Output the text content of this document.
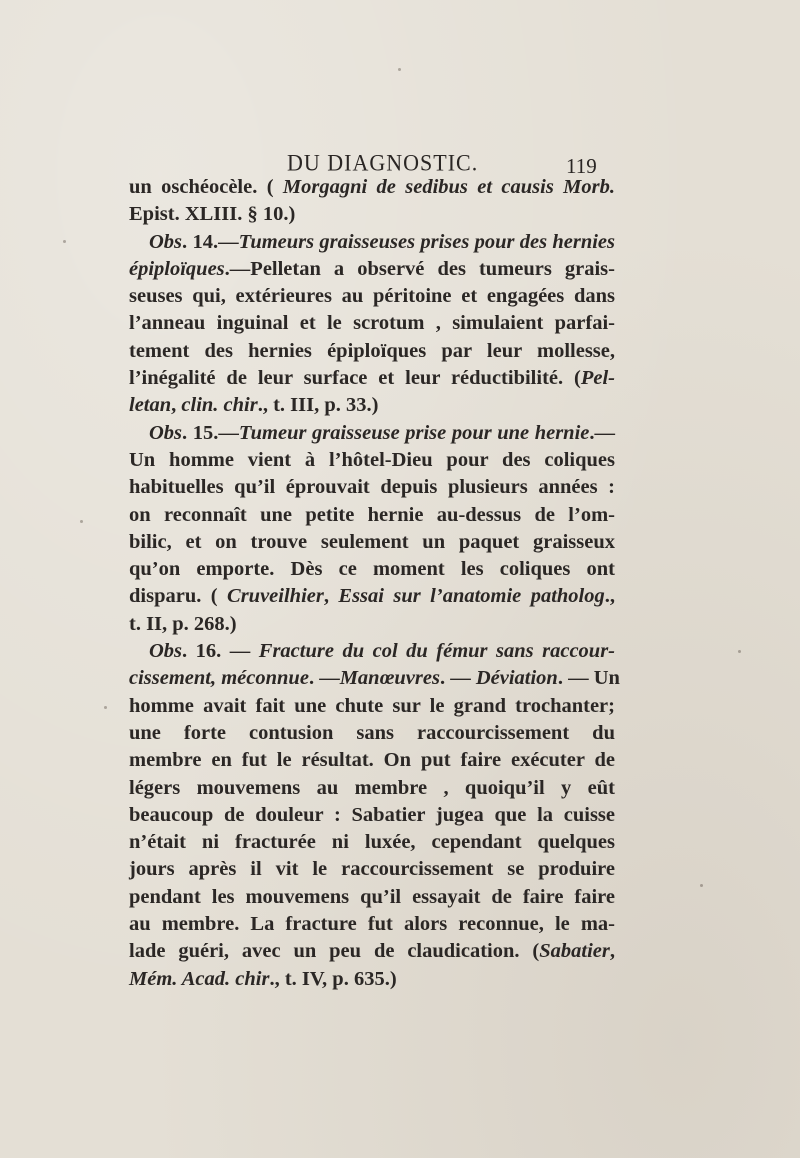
DU DIAGNOSTIC.	119
un oschéocèle. ( Morgagni de sedibus et causis Morb.
Epist. XLIII. § 10.)
Obs. 14.—Tumeurs graisseuses prises pour des hernies
épiploïques.—Pelletan a observé des tumeurs grais-
seuses qui, extérieures au péritoine et engagées dans
l’anneau inguinal et le scrotum , simulaient parfai-
tement des hernies épiploïques par leur mollesse,
l’inégalité de leur surface et leur réductibilité. (Pel-
letan, clin. chir., t. III, p. 33.)
Obs. 15.—Tumeur graisseuse prise pour une hernie.—
Un homme vient à l’hôtel-Dieu pour des coliques
habituelles qu’il éprouvait depuis plusieurs années :
on reconnaît une petite hernie au-dessus de l’om-
bilic, et on trouve seulement un paquet graisseux
qu’on emporte. Dès ce moment les coliques ont
disparu. ( Cruveilhier, Essai sur l’anatomie patholog.,
t. II, p. 268.)
Obs. 16. — Fracture du col du fémur sans raccour-
cissement, méconnue. —Manœuvres. — Déviation. — Un
homme avait fait une chute sur le grand trochanter;
une forte contusion sans raccourcissement du
membre en fut le résultat. On put faire exécuter de
légers mouvemens au membre , quoiqu’il y eût
beaucoup de douleur : Sabatier jugea que la cuisse
n’était ni fracturée ni luxée, cependant quelques
jours après il vit le raccourcissement se produire
pendant les mouvemens qu’il essayait de faire faire
au membre. La fracture fut alors reconnue, le ma-
lade guéri, avec un peu de claudication. (Sabatier,
Mém. Acad. chir., t. IV, p. 635.)
